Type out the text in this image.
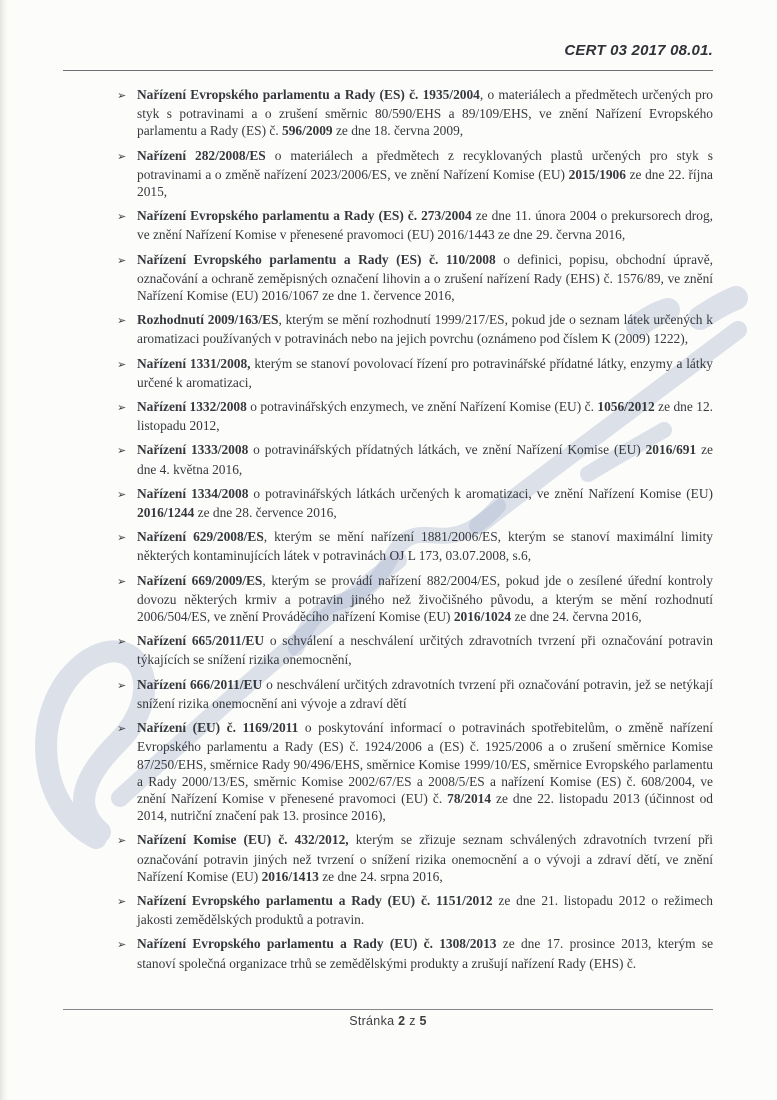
CERT 03 2017 08.01.
➢ Nařízení Evropského parlamentu a Rady (ES) č. 1935/2004, o materiálech a předmětech určených pro styk s potravinami a o zrušení směrnic 80/590/EHS a 89/109/EHS, ve znění Nařízení Evropského parlamentu a Rady (ES) č. 596/2009 ze dne 18. června 2009,
➢ Nařízení 282/2008/ES o materiálech a předmětech z recyklovaných plastů určených pro styk s potravinami a o změně nařízení 2023/2006/ES, ve znění Nařízení Komise (EU) 2015/1906 ze dne 22. října 2015,
➢ Nařízení Evropského parlamentu a Rady (ES) č. 273/2004 ze dne 11. února 2004 o prekursorech drog, ve znění Nařízení Komise v přenesené pravomoci (EU) 2016/1443 ze dne 29. června 2016,
➢ Nařízení Evropského parlamentu a Rady (ES) č. 110/2008 o definici, popisu, obchodní úpravě, označování a ochraně zeměpisných označení lihovin a o zrušení nařízení Rady (EHS) č. 1576/89, ve znění Nařízení Komise (EU) 2016/1067 ze dne 1. července 2016,
➢ Rozhodnutí 2009/163/ES, kterým se mění rozhodnutí 1999/217/ES, pokud jde o seznam látek určených k aromatizaci používaných v potravinách nebo na jejich povrchu (oznámeno pod číslem K (2009) 1222),
➢ Nařízení 1331/2008, kterým se stanoví povolovací řízení pro potravinářské přídatné látky, enzymy a látky určené k aromatizaci,
➢ Nařízení 1332/2008 o potravinářských enzymech, ve znění Nařízení Komise (EU) č. 1056/2012 ze dne 12. listopadu 2012,
➢ Nařízení 1333/2008 o potravinářských přídatných látkách, ve znění Nařízení Komise (EU) 2016/691 ze dne 4. května 2016,
➢ Nařízení 1334/2008 o potravinářských látkách určených k aromatizaci, ve znění Nařízení Komise (EU) 2016/1244 ze dne 28. července 2016,
➢ Nařízení 629/2008/ES, kterým se mění nařízení 1881/2006/ES, kterým se stanoví maximální limity některých kontaminujících látek v potravinách OJ L 173, 03.07.2008, s.6,
➢ Nařízení 669/2009/ES, kterým se provádí nařízení 882/2004/ES, pokud jde o zesílené úřední kontroly dovozu některých krmiv a potravin jiného než živočišného původu, a kterým se mění rozhodnutí 2006/504/ES, ve znění Prováděcího nařízení Komise (EU) 2016/1024 ze dne 24. června 2016,
➢ Nařízení 665/2011/EU o schválení a neschválení určitých zdravotních tvrzení při označování potravin týkajících se snížení rizika onemocnění,
➢ Nařízení 666/2011/EU o neschválení určitých zdravotních tvrzení při označování potravin, jež se netýkají snížení rizika onemocnění ani vývoje a zdraví dětí
➢ Nařízení (EU) č. 1169/2011 o poskytování informací o potravinách spotřebitelům, o změně nařízení Evropského parlamentu a Rady (ES) č. 1924/2006 a (ES) č. 1925/2006 a o zrušení směrnice Komise 87/250/EHS, směrnice Rady 90/496/EHS, směrnice Komise 1999/10/ES, směrnice Evropského parlamentu a Rady 2000/13/ES, směrnic Komise 2002/67/ES a 2008/5/ES a nařízení Komise (ES) č. 608/2004, ve znění Nařízení Komise v přenesené pravomoci (EU) č. 78/2014 ze dne 22. listopadu 2013 (účinnost od 2014, nutriční značení pak 13. prosince 2016),
➢ Nařízení Komise (EU) č. 432/2012, kterým se zřizuje seznam schválených zdravotních tvrzení při označování potravin jiných než tvrzení o snížení rizika onemocnění a o vývoji a zdraví dětí, ve znění Nařízení Komise (EU) 2016/1413 ze dne 24. srpna 2016,
➢ Nařízení Evropského parlamentu a Rady (EU) č. 1151/2012 ze dne 21. listopadu 2012 o režimech jakosti zemědělských produktů a potravin.
➢ Nařízení Evropského parlamentu a Rady (EU) č. 1308/2013 ze dne 17. prosince 2013, kterým se stanoví společná organizace trhů se zemědělskými produkty a zrušují nařízení Rady (EHS) č.
Stránka 2 z 5
